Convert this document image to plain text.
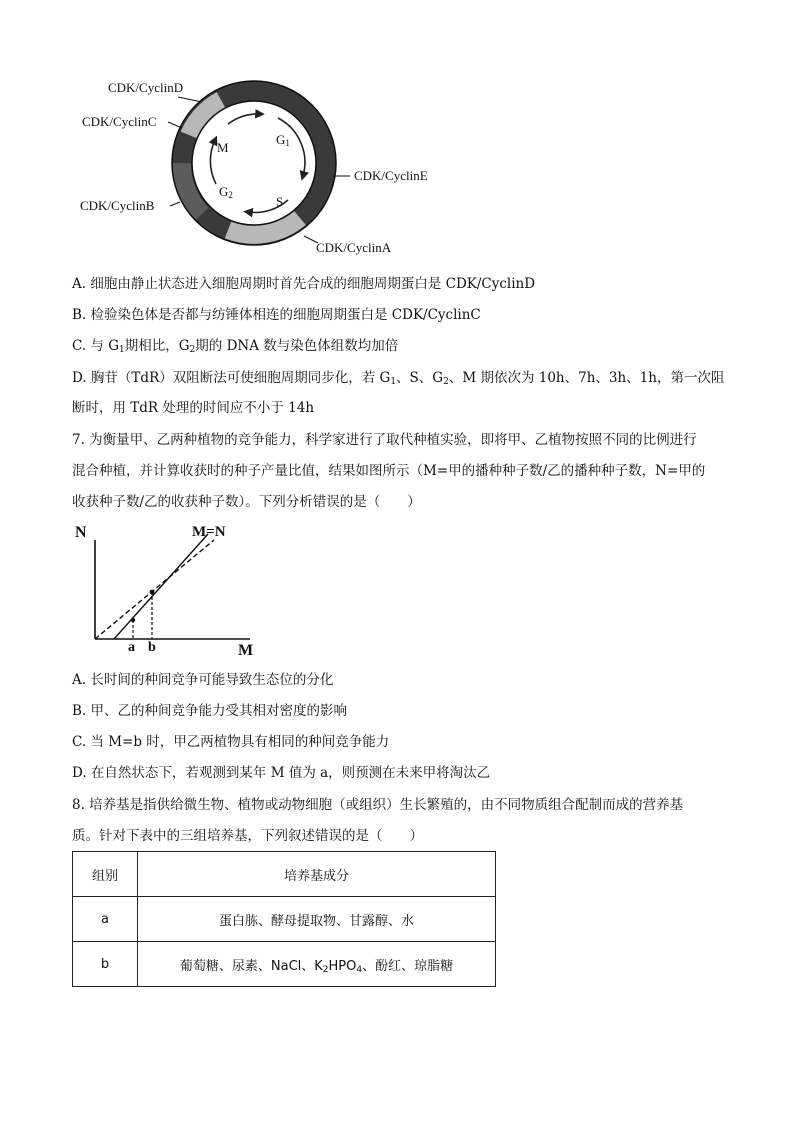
CDK/CyclinD
CDK/CyclinC
CDK/CyclinE
CDK/CyclinB
CDK/CyclinA
M
$G_1$
$G_2$	S
A. 细胞由静止状态进入细胞周期时首先合成的细胞周期蛋白是 CDK/CyclinD
B. 检验染色体是否都与纺锤体相连的细胞周期蛋白是 CDK/CyclinC
C. 与 $G_1$期相比，$G_2$期的 DNA 数与染色体组数均加倍
D. 胸苷（TdR）双阻断法可使细胞周期同步化，若 $G_1$、S、$G_2$、M 期依次为 10h、7h、3h、1h，第一次阻
断时，用 TdR 处理的时间应不小于 14h
7. 为衡量甲、乙两种植物的竞争能力，科学家进行了取代种植实验，即将甲、乙植物按照不同的比例进行
混合种植，并计算收获时的种子产量比值，结果如图所示（M=甲的播种种子数/乙的播种种子数，N=甲的
收获种子数/乙的收获种子数）。下列分析错误的是（　　）
N
M
M=N
a b
A. 长时间的种间竞争可能导致生态位的分化
B. 甲、乙的种间竞争能力受其相对密度的影响
C. 当 M=b 时，甲乙两植物具有相同的种间竞争能力
D. 在自然状态下，若观测到某年 M 值为 a，则预测在未来甲将淘汰乙
8. 培养基是指供给微生物、植物或动物细胞（或组织）生长繁殖的，由不同物质组合配制而成的营养基
质。针对下表中的三组培养基，下列叙述错误的是（　　）
组别	培养基成分
a	蛋白胨、酵母提取物、甘露醇、水
b	葡萄糖、尿素、NaCl、$K_2HPO_4$、酚红、琼脂糖
